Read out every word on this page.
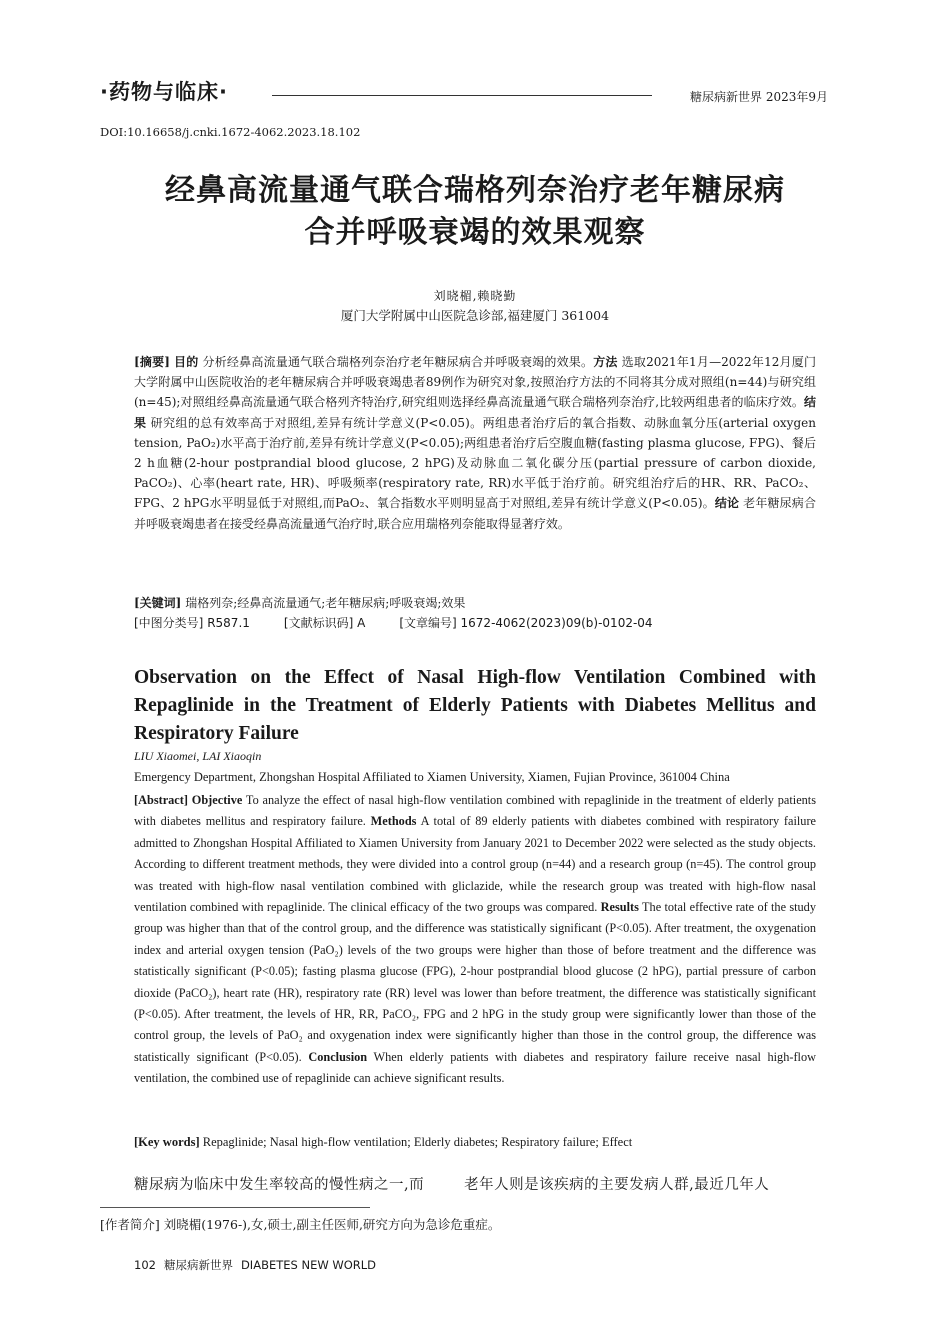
·药物与临床·	糖尿病新世界 2023年9月
DOI:10.16658/j.cnki.1672-4062.2023.18.102
经鼻高流量通气联合瑞格列奈治疗老年糖尿病
合并呼吸衰竭的效果观察
刘晓楣,赖晓勤
厦门大学附属中山医院急诊部,福建厦门 361004
[摘要] 目的 分析经鼻高流量通气联合瑞格列奈治疗老年糖尿病合并呼吸衰竭的效果。方法 选取2021年1月—2022年12月厦门大学附属中山医院收治的老年糖尿病合并呼吸衰竭患者89例作为研究对象,按照治疗方法的不同将其分成对照组(n=44)与研究组(n=45);对照组经鼻高流量通气联合格列齐特治疗,研究组则选择经鼻高流量通气联合瑞格列奈治疗,比较两组患者的临床疗效。结果 研究组的总有效率高于对照组,差异有统计学意义(P<0.05)。两组患者治疗后的氧合指数、动脉血氧分压(arterial oxygen tension, PaO₂)水平高于治疗前,差异有统计学意义(P<0.05);两组患者治疗后空腹血糖(fasting plasma glucose, FPG)、餐后2 h血糖(2-hour postprandial blood glucose, 2 hPG)及动脉血二氧化碳分压(partial pressure of carbon dioxide, PaCO₂)、心率(heart rate, HR)、呼吸频率(respiratory rate, RR)水平低于治疗前。研究组治疗后的HR、RR、PaCO₂、FPG、2 hPG水平明显低于对照组,而PaO₂、氧合指数水平则明显高于对照组,差异有统计学意义(P<0.05)。结论 老年糖尿病合并呼吸衰竭患者在接受经鼻高流量通气治疗时,联合应用瑞格列奈能取得显著疗效。
[关键词] 瑞格列奈;经鼻高流量通气;老年糖尿病;呼吸衰竭;效果
[中图分类号] R587.1	[文献标识码] A	[文章编号] 1672-4062(2023)09(b)-0102-04
Observation on the Effect of Nasal High-flow Ventilation Combined with Repaglinide in the Treatment of Elderly Patients with Diabetes Mellitus and Respiratory Failure
LIU Xiaomei, LAI Xiaoqin
Emergency Department, Zhongshan Hospital Affiliated to Xiamen University, Xiamen, Fujian Province, 361004 China
[Abstract] Objective To analyze the effect of nasal high-flow ventilation combined with repaglinide in the treatment of elderly patients with diabetes mellitus and respiratory failure. Methods A total of 89 elderly patients with diabetes combined with respiratory failure admitted to Zhongshan Hospital Affiliated to Xiamen University from January 2021 to December 2022 were selected as the study objects. According to different treatment methods, they were divided into a control group (n=44) and a research group (n=45). The control group was treated with high-flow nasal ventilation combined with gliclazide, while the research group was treated with high-flow nasal ventilation combined with repaglinide. The clinical efficacy of the two groups was compared. Results The total effective rate of the study group was higher than that of the control group, and the difference was statistically significant (P<0.05). After treatment, the oxygenation index and arterial oxygen tension (PaO₂) levels of the two groups were higher than those of before treatment and the difference was statistically significant (P<0.05); fasting plasma glucose (FPG), 2-hour postprandial blood glucose (2 hPG), partial pressure of carbon dioxide (PaCO₂), heart rate (HR), respiratory rate (RR) level was lower than before treatment, the difference was statistically significant (P<0.05). After treatment, the levels of HR, RR, PaCO₂, FPG and 2 hPG in the study group were significantly lower than those of the control group, the levels of PaO₂ and oxygenation index were significantly higher than those in the control group, the difference was statistically significant (P<0.05). Conclusion When elderly patients with diabetes and respiratory failure receive nasal high-flow ventilation, the combined use of repaglinide can achieve significant results.
[Key words] Repaglinide; Nasal high-flow ventilation; Elderly diabetes; Respiratory failure; Effect
糖尿病为临床中发生率较高的慢性病之一,而	老年人则是该疾病的主要发病人群,最近几年人
[作者简介] 刘晓楣(1976-),女,硕士,副主任医师,研究方向为急诊危重症。
102 糖尿病新世界 DIABETES NEW WORLD
